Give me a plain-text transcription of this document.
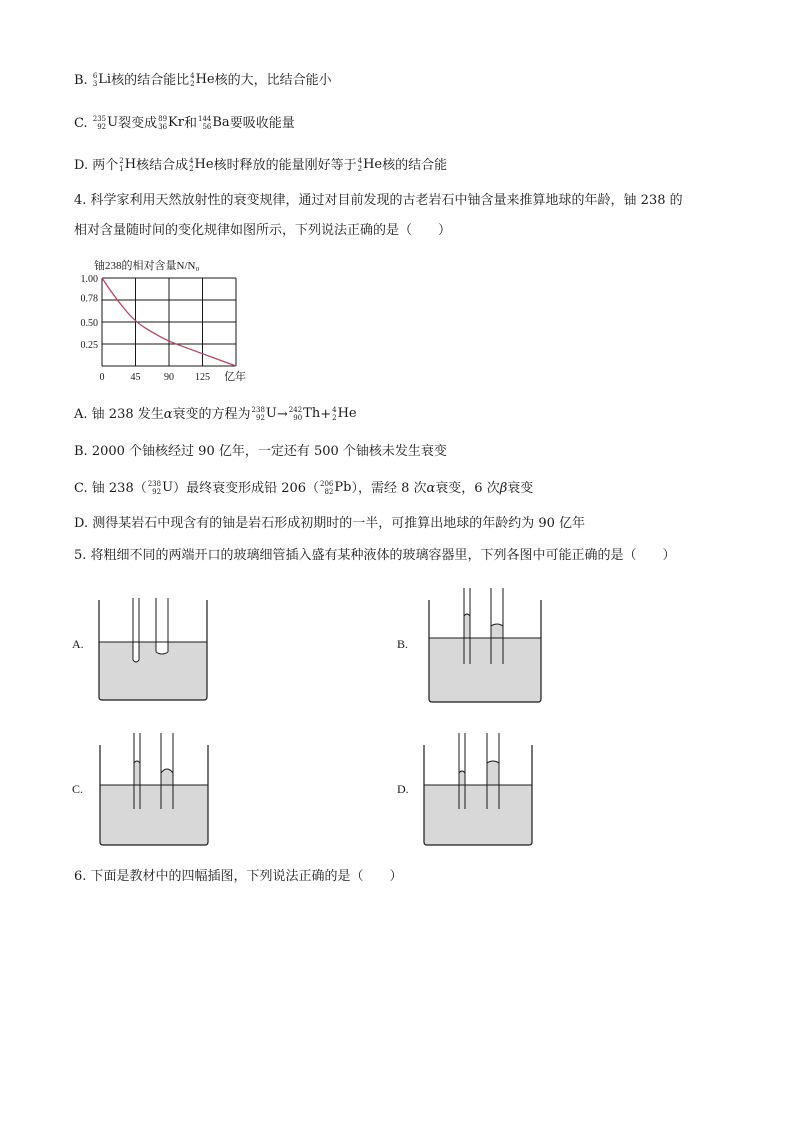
B. 6
3 Li核的结合能比 4
2 He核的大，比结合能小
C. 235
92 U裂变成 89
36 Kr和 144
56 Ba要吸收能量
D. 两个 2
1 H核结合成 4
2 He核时释放的能量刚好等于 4
2 He核的结合能
4. 科学家利用天然放射性的衰变规律，通过对目前发现的古老岩石中铀含量来推算地球的年龄，铀 238 的
相对含量随时间的变化规律如图所示，下列说法正确的是（　　）
铀238的相对含量N/N₀
1.00
0.78
0.50
0.25
0	45 90 125 亿年
A. 铀 238 发生α衰变的方程为 238
92 U→ 242
90 Th+ 4
2 He
B. 2000 个铀核经过 90 亿年，一定还有 500 个铀核未发生衰变
C. 铀 238（ 238
92 U）最终衰变形成铅 206（ 206
82 Pb），需经 8 次α衰变，6 次β衰变
D. 测得某岩石中现含有的铀是岩石形成初期时的一半，可推算出地球的年龄约为 90 亿年
5. 将粗细不同的两端开口的玻璃细管插入盛有某种液体的玻璃容器里，下列各图中可能正确的是（　　）
A.	B.
C.	D.
6. 下面是教材中的四幅插图，下列说法正确的是（　　）
